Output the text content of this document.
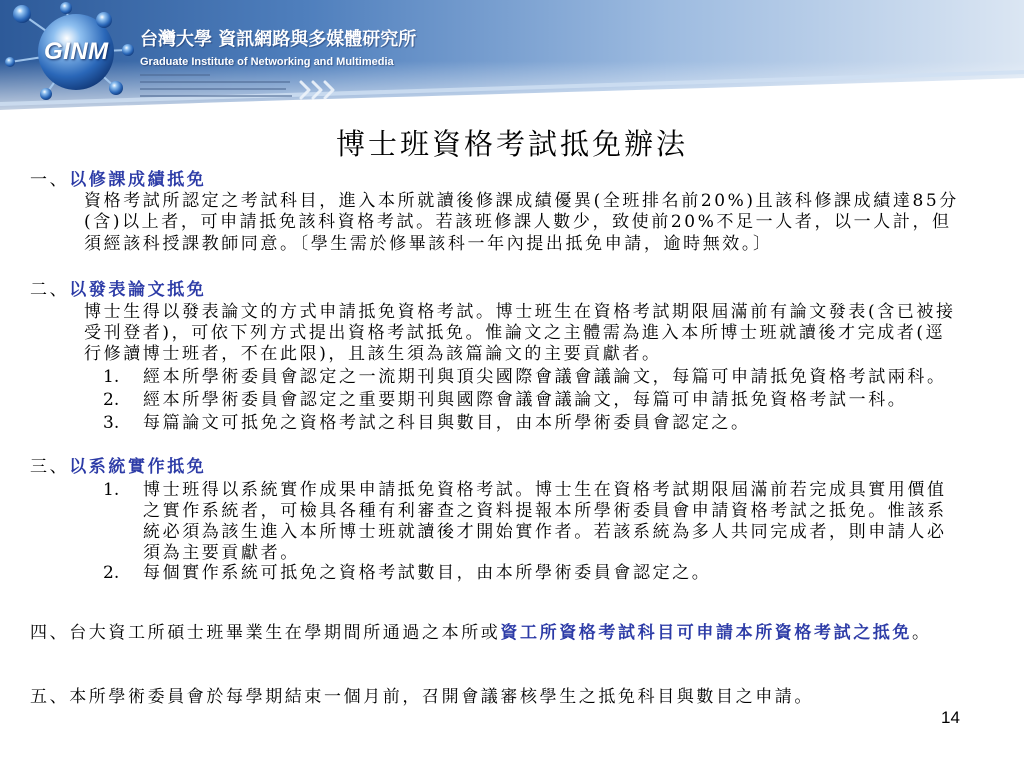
GINM 台灣大學 資訊網路與多媒體研究所
Graduate Institute of Networking and Multimedia
博士班資格考試抵免辦法
一、以修課成績抵免
資格考試所認定之考試科目，進入本所就讀後修課成績優異(全班排名前20%)且該科修課成績達85分
(含)以上者，可申請抵免該科資格考試。若該班修課人數少，致使前20%不足一人者，以一人計，但
須經該科授課教師同意。〔學生需於修畢該科一年內提出抵免申請，逾時無效。〕
二、以發表論文抵免
博士生得以發表論文的方式申請抵免資格考試。博士班生在資格考試期限屆滿前有論文發表(含已被接
受刊登者)，可依下列方式提出資格考試抵免。惟論文之主體需為進入本所博士班就讀後才完成者(逕
行修讀博士班者，不在此限)，且該生須為該篇論文的主要貢獻者。
1. 經本所學術委員會認定之一流期刊與頂尖國際會議會議論文，每篇可申請抵免資格考試兩科。
2. 經本所學術委員會認定之重要期刊與國際會議會議論文，每篇可申請抵免資格考試一科。
3. 每篇論文可抵免之資格考試之科目與數目，由本所學術委員會認定之。
三、以系統實作抵免
1. 博士班得以系統實作成果申請抵免資格考試。博士生在資格考試期限屆滿前若完成具實用價值
之實作系統者，可檢具各種有利審查之資料提報本所學術委員會申請資格考試之抵免。惟該系
統必須為該生進入本所博士班就讀後才開始實作者。若該系統為多人共同完成者，則申請人必
須為主要貢獻者。
2. 每個實作系統可抵免之資格考試數目，由本所學術委員會認定之。
四、台大資工所碩士班畢業生在學期間所通過之本所或資工所資格考試科目可申請本所資格考試之抵免。
五、本所學術委員會於每學期結束一個月前，召開會議審核學生之抵免科目與數目之申請。
14
